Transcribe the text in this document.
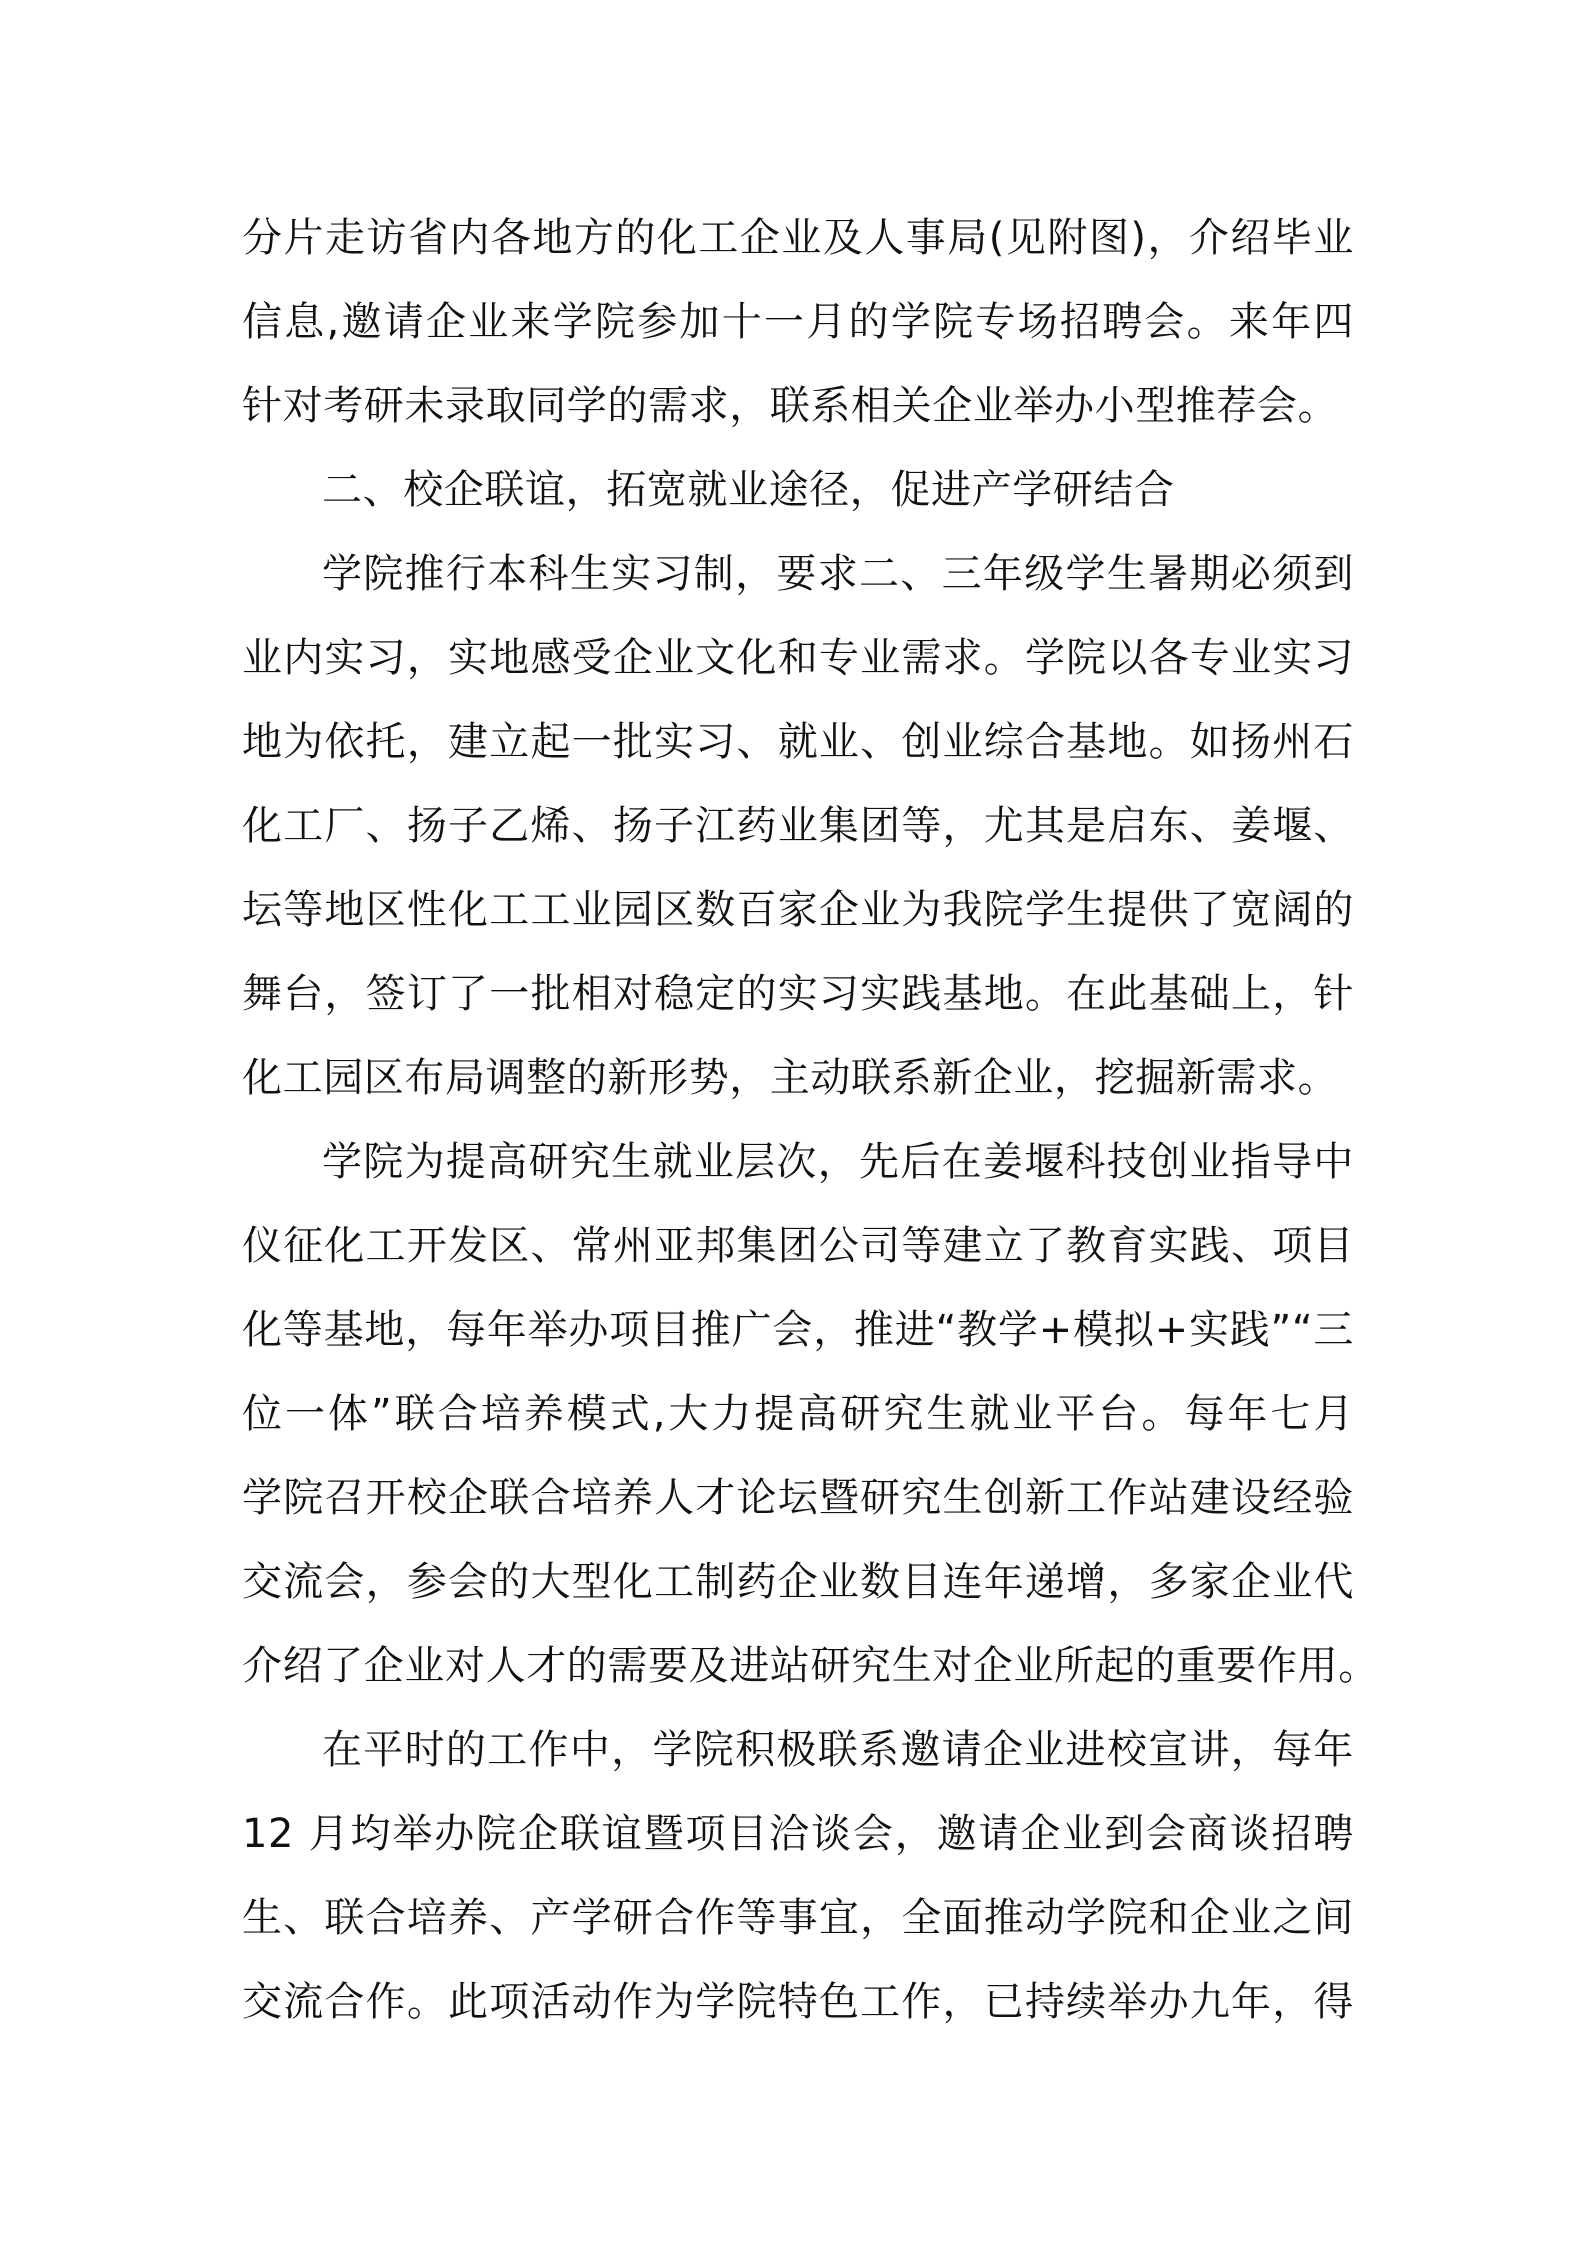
分片走访省内各地方的化工企业及人事局(见附图)，介绍毕业
信息,邀请企业来学院参加十一月的学院专场招聘会。来年四
针对考研未录取同学的需求，联系相关企业举办小型推荐会。
二、校企联谊，拓宽就业途径，促进产学研结合
学院推行本科生实习制，要求二、三年级学生暑期必须到
业内实习，实地感受企业文化和专业需求。学院以各专业实习
地为依托，建立起一批实习、就业、创业综合基地。如扬州石
化工厂、扬子乙烯、扬子江药业集团等，尤其是启东、姜堰、
坛等地区性化工工业园区数百家企业为我院学生提供了宽阔的
舞台，签订了一批相对稳定的实习实践基地。在此基础上，针
化工园区布局调整的新形势，主动联系新企业，挖掘新需求。
学院为提高研究生就业层次，先后在姜堰科技创业指导中
仪征化工开发区、常州亚邦集团公司等建立了教育实践、项目
化等基地，每年举办项目推广会，推进“教学+模拟+实践”“三
位一体”联合培养模式,大力提高研究生就业平台。每年七月
学院召开校企联合培养人才论坛暨研究生创新工作站建设经验
交流会，参会的大型化工制药企业数目连年递增，多家企业代
介绍了企业对人才的需要及进站研究生对企业所起的重要作用。
在平时的工作中，学院积极联系邀请企业进校宣讲，每年
12 月均举办院企联谊暨项目洽谈会，邀请企业到会商谈招聘
生、联合培养、产学研合作等事宜，全面推动学院和企业之间
交流合作。此项活动作为学院特色工作，已持续举办九年，得
